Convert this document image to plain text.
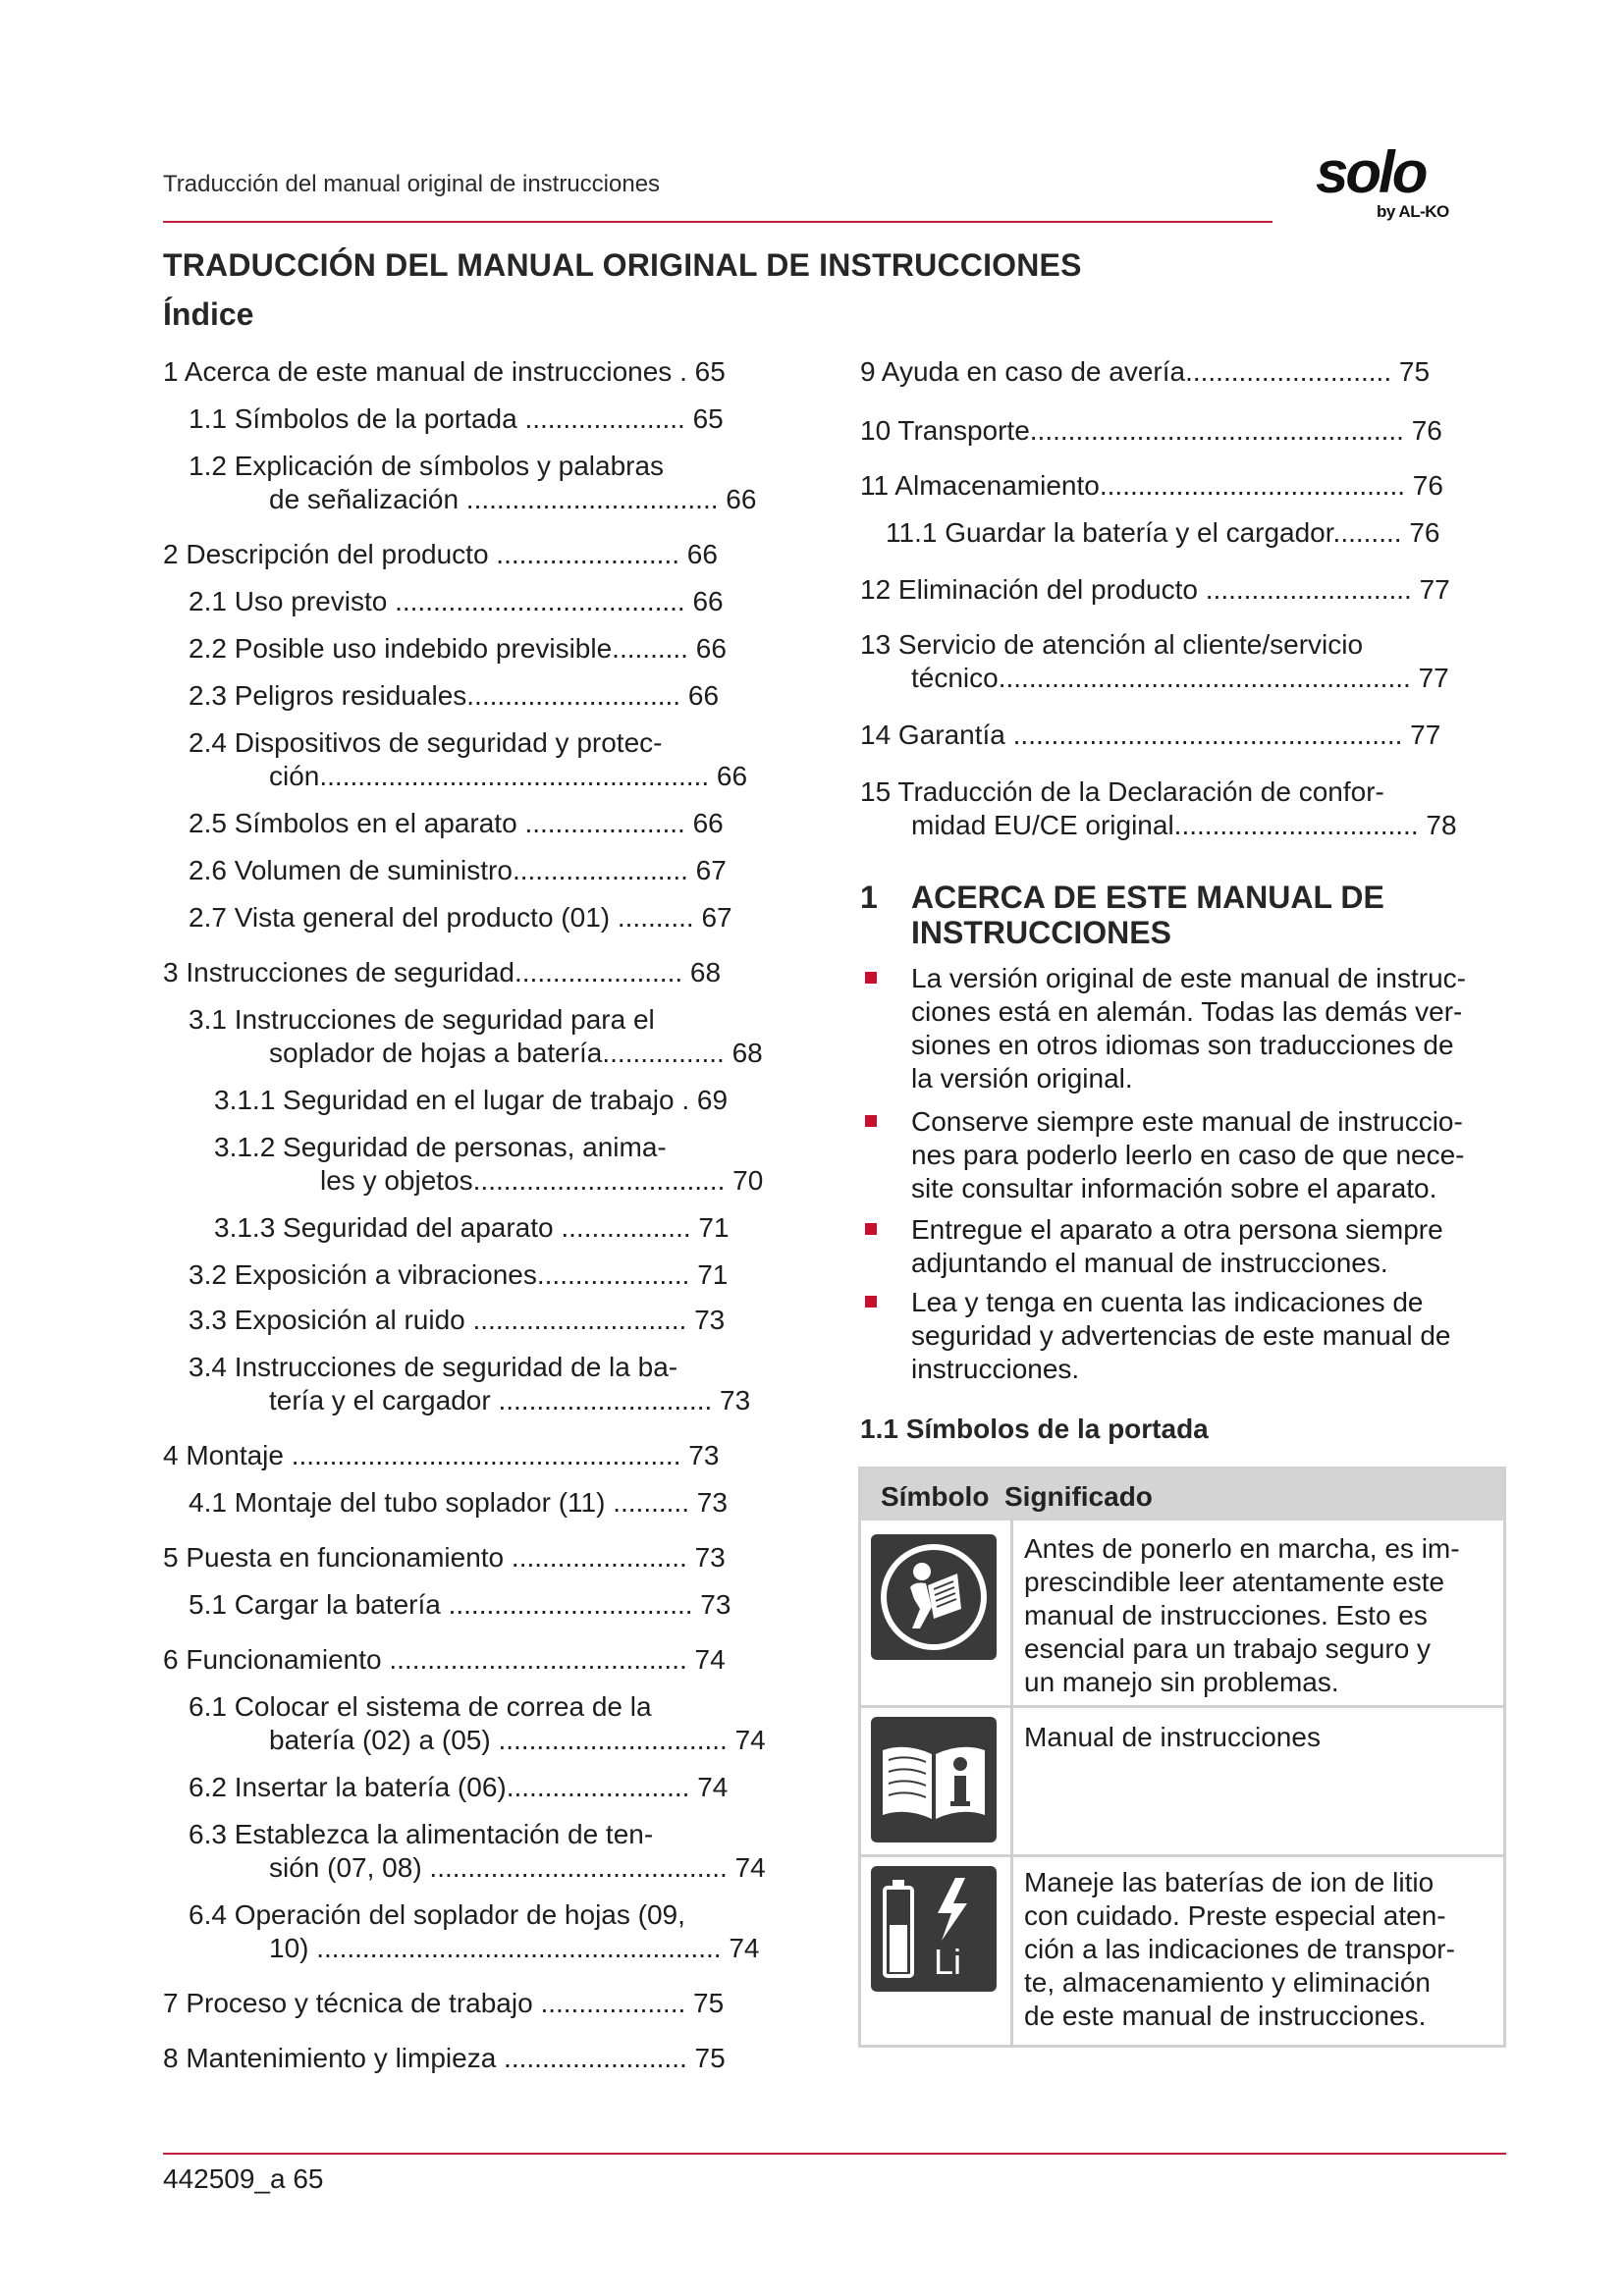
Traducción del manual original de instrucciones	solo
by AL-KO
TRADUCCIÓN DEL MANUAL ORIGINAL DE INSTRUCCIONES
Índice
1 Acerca de este manual de instrucciones . 65
1.1 Símbolos de la portada ..................... 65
1.2 Explicación de símbolos y palabras
de señalización ................................. 66
2 Descripción del producto ........................ 66
2.1 Uso previsto ...................................... 66
2.2 Posible uso indebido previsible.......... 66
2.3 Peligros residuales............................ 66
2.4 Dispositivos de seguridad y protec-
ción................................................... 66
2.5 Símbolos en el aparato ..................... 66
2.6 Volumen de suministro....................... 67
2.7 Vista general del producto (01) .......... 67
3 Instrucciones de seguridad...................... 68
3.1 Instrucciones de seguridad para el
soplador de hojas a batería................ 68
3.1.1 Seguridad en el lugar de trabajo . 69
3.1.2 Seguridad de personas, anima-
les y objetos................................. 70
3.1.3 Seguridad del aparato ................. 71
3.2 Exposición a vibraciones.................... 71
3.3 Exposición al ruido ............................ 73
3.4 Instrucciones de seguridad de la ba-
tería y el cargador ............................ 73
4 Montaje ................................................... 73
4.1 Montaje del tubo soplador (11) .......... 73
5 Puesta en funcionamiento ....................... 73
5.1 Cargar la batería ................................ 73
6 Funcionamiento ....................................... 74
6.1 Colocar el sistema de correa de la
batería (02) a (05) .............................. 74
6.2 Insertar la batería (06)........................ 74
6.3 Establezca la alimentación de ten-
sión (07, 08) ....................................... 74
6.4 Operación del soplador de hojas (09,
10) ..................................................... 74
7 Proceso y técnica de trabajo ................... 75
8 Mantenimiento y limpieza ........................ 75
9 Ayuda en caso de avería........................... 75
10 Transporte................................................. 76
11 Almacenamiento........................................ 76
11.1 Guardar la batería y el cargador......... 76
12 Eliminación del producto ........................... 77
13 Servicio de atención al cliente/servicio
técnico...................................................... 77
14 Garantía ................................................... 77
15 Traducción de la Declaración de confor-
midad EU/CE original................................ 78
1 ACERCA DE ESTE MANUAL DE
INSTRUCCIONES
La versión original de este manual de instruc-
ciones está en alemán. Todas las demás ver-
siones en otros idiomas son traducciones de
la versión original.
Conserve siempre este manual de instruccio-
nes para poderlo leerlo en caso de que nece-
site consultar información sobre el aparato.
Entregue el aparato a otra persona siempre
adjuntando el manual de instrucciones.
Lea y tenga en cuenta las indicaciones de
seguridad y advertencias de este manual de
instrucciones.
1.1 Símbolos de la portada
Símbolo Significado
Antes de ponerlo en marcha, es im-
prescindible leer atentamente este
manual de instrucciones. Esto es
esencial para un trabajo seguro y
un manejo sin problemas.
Manual de instrucciones
Li
Maneje las baterías de ion de litio
con cuidado. Preste especial aten-
ción a las indicaciones de transpor-
te, almacenamiento y eliminación
de este manual de instrucciones.
442509_a 65
